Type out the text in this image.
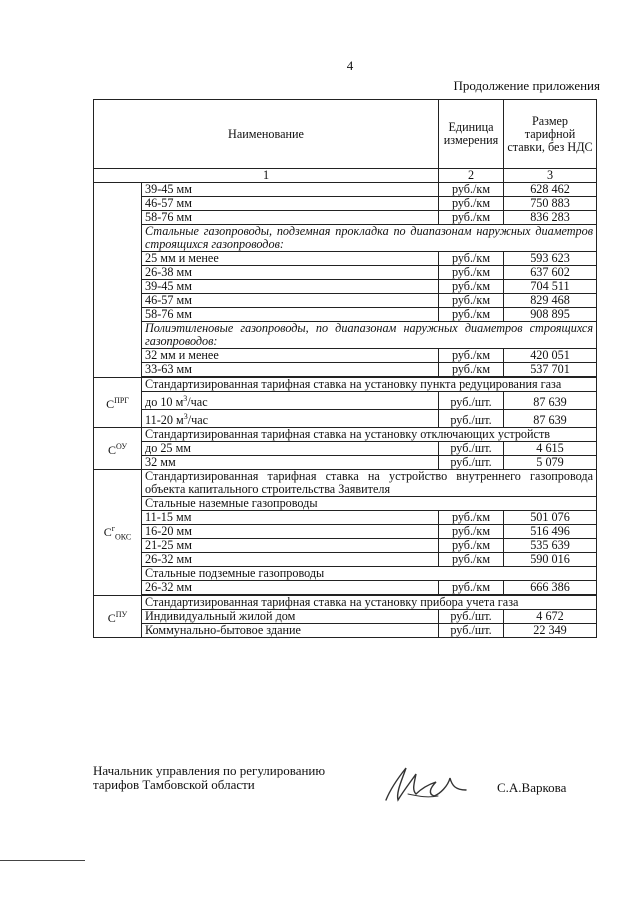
4
Продолжение приложения
Наименование		Единица измерения	Размер тарифной ставки, без НДС
1		2	3
	39-45 мм	руб./км	628 462
	46-57 мм	руб./км	750 883
	58-76 мм	руб./км	836 283
	Стальные газопроводы, подземная прокладка по диапазонам наружных диаметров строящихся газопроводов:		
	25 мм и менее	руб./км	593 623
	26-38 мм	руб./км	637 602
	39-45 мм	руб./км	704 511
	46-57 мм	руб./км	829 468
	58-76 мм	руб./км	908 895
	Полиэтиленовые газопроводы, по диапазонам наружных диаметров строящихся газопроводов:		
	32 мм и менее	руб./км	420 051
	33-63 мм	руб./км	537 701

$С^{ПРГ}$	Стандартизированная тарифная ставка на установку пункта редуцирования газа		
	до 10 $м^3$/час	руб./шт.	87 639
	11-20 $м^3$/час	руб./шт.	87 639
$С^{ОУ}$	Стандартизированная тарифная ставка на установку отключающих устройств		
	до 25 мм	руб./шт.	4 615
	32 мм	руб./шт.	5 079
$С^г_{ОКС}$	Стандартизированная тарифная ставка на устройство внутреннего газопровода объекта капитального строительства Заявителя		
	Стальные наземные газопроводы		
	11-15 мм	руб./км	501 076
	16-20 мм	руб./км	516 496
	21-25 мм	руб./км	535 639
	26-32 мм	руб./км	590 016
	Стальные подземные газопроводы		
	26-32 мм	руб./км	666 386

$С^{ПУ}$	Стандартизированная тарифная ставка на установку прибора учета газа		
	Индивидуальный жилой дом	руб./шт.	4 672
	Коммунально-бытовое здание	руб./шт.	22 349
Начальник управления по регулированию
тарифов Тамбовской области	С.А.Варкова
